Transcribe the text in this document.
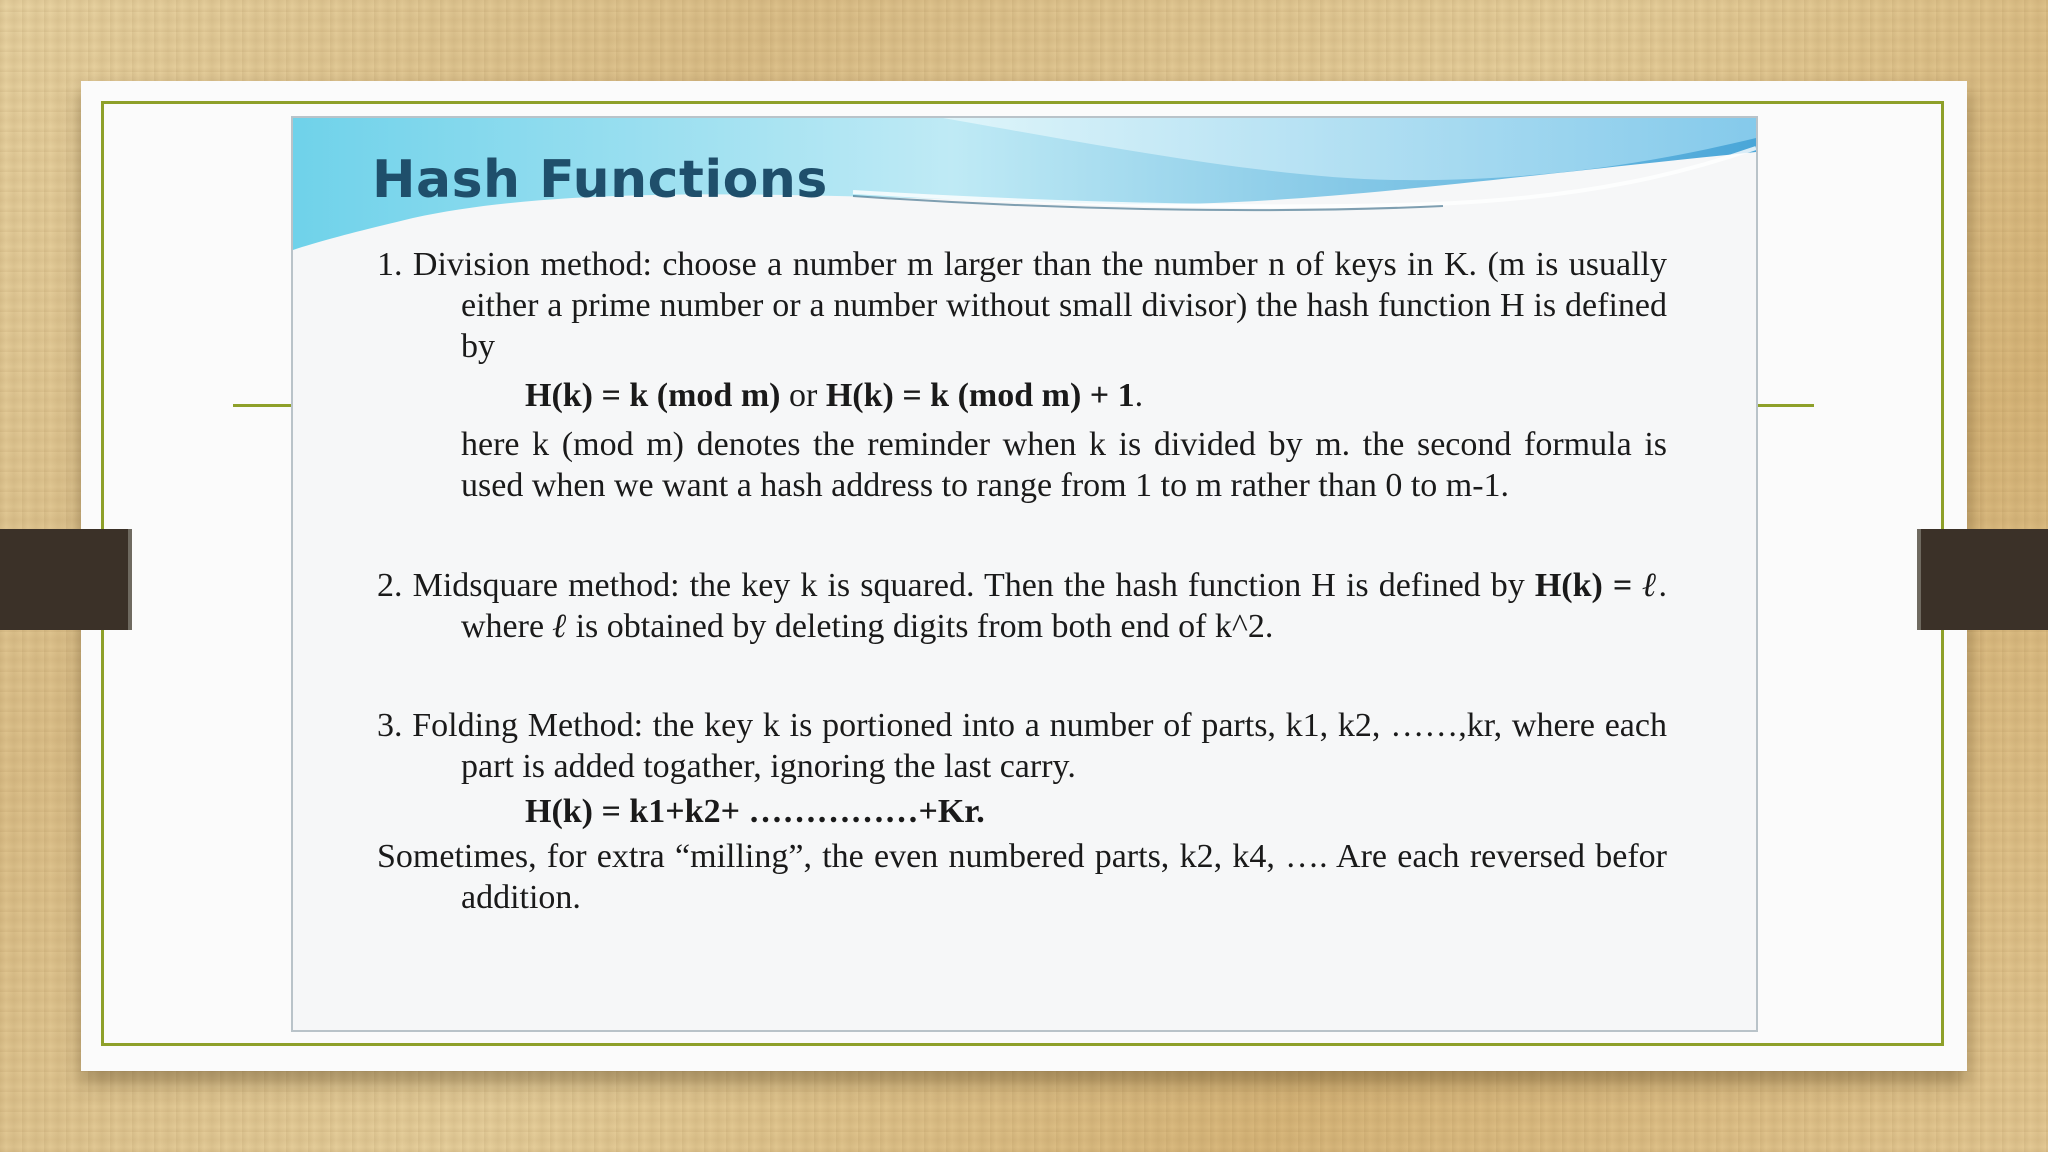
Hash Functions

1. Division method: choose a number m larger than the number n of keys in K. (m is usually either a prime number or a number without small divisor) the hash function H is defined by

H(k) = k (mod m) or H(k) = k (mod m) + 1.

here k (mod m) denotes the reminder when k is divided by m. the second formula is used when we want a hash address to range from 1 to m rather than 0 to m-1.

2. Midsquare method: the key k is squared. Then the hash function H is defined by H(k) = ℓ. where ℓ is obtained by deleting digits from both end of k^2.

3. Folding Method: the key k is portioned into a number of parts, k1, k2, ……,kr, where each part is added togather, ignoring the last carry.

H(k) = k1+k2+ ……………+Kr.

Sometimes, for extra “milling”, the even numbered parts, k2, k4, …. Are each reversed befor addition.
